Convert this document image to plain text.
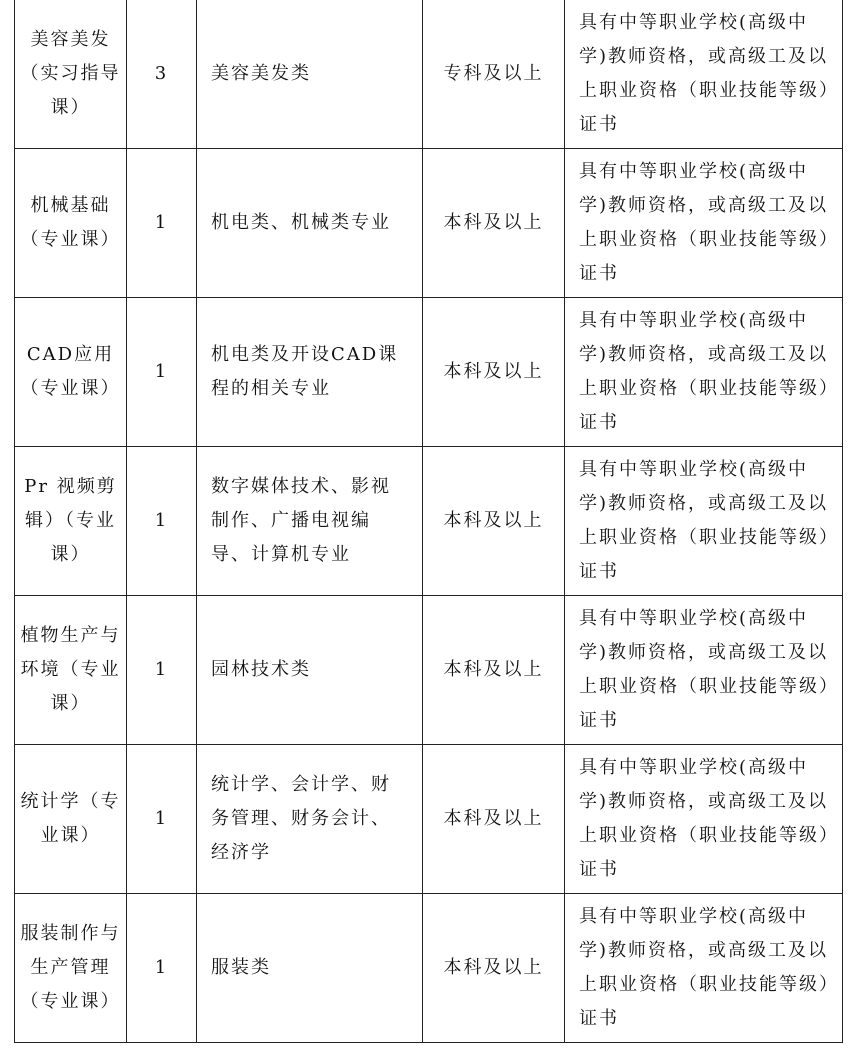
美容美发（实习指导课）	3	美容美发类	专科及以上	具有中等职业学校(高级中学)教师资格，或高级工及以上职业资格（职业技能等级）证书

机械基础（专业课）	1	机电类、机械类专业	本科及以上	具有中等职业学校(高级中学)教师资格，或高级工及以上职业资格（职业技能等级）证书

CAD应用（专业课）	1	机电类及开设CAD课程的相关专业	本科及以上	具有中等职业学校(高级中学)教师资格，或高级工及以上职业资格（职业技能等级）证书

Pr 视频剪辑）（专业课）	1	数字媒体技术、影视制作、广播电视编导、计算机专业	本科及以上	具有中等职业学校(高级中学)教师资格，或高级工及以上职业资格（职业技能等级）证书

植物生产与环境（专业课）	1	园林技术类	本科及以上	具有中等职业学校(高级中学)教师资格，或高级工及以上职业资格（职业技能等级）证书

统计学（专业课）	1	统计学、会计学、财务管理、财务会计、经济学	本科及以上	具有中等职业学校(高级中学)教师资格，或高级工及以上职业资格（职业技能等级）证书

服装制作与生产管理（专业课）	1	服装类	本科及以上	具有中等职业学校(高级中学)教师资格，或高级工及以上职业资格（职业技能等级）证书
